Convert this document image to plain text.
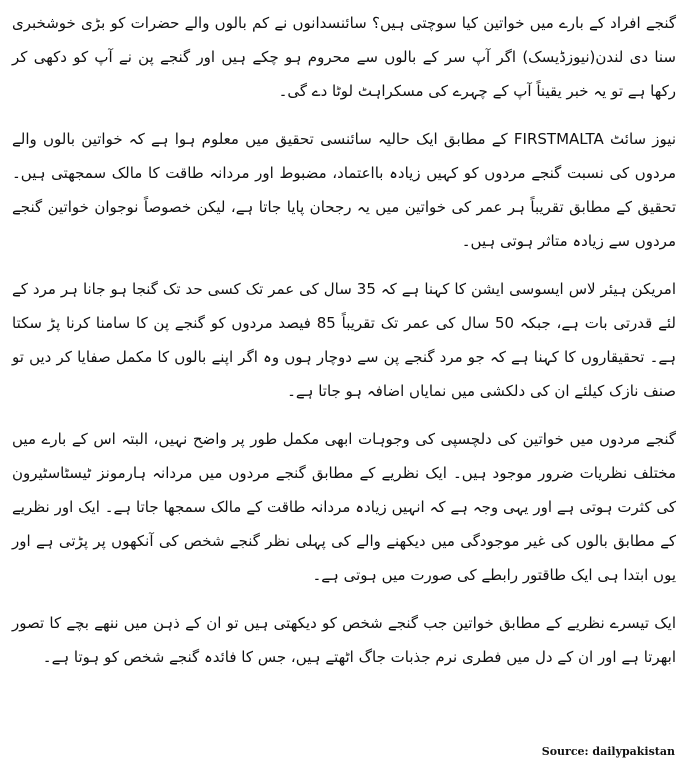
گنجے افراد کے بارے میں خواتین کیا سوچتی ہیں؟ سائنسدانوں نے کم بالوں والے حضرات کو بڑی خوشخبری سنا دی لندن(نیوزڈیسک) اگر آپ سر کے بالوں سے محروم ہو چکے ہیں اور گنجے پن نے آپ کو دکھی کر رکھا ہے تو یہ خبر یقیناً آپ کے چہرے کی مسکراہٹ لوٹا دے گی۔

نیوز سائٹ FIRSTMALTA کے مطابق ایک حالیہ سائنسی تحقیق میں معلوم ہوا ہے کہ خواتین بالوں والے مردوں کی نسبت گنجے مردوں کو کہیں زیادہ بااعتماد، مضبوط اور مردانہ طاقت کا مالک سمجھتی ہیں۔ تحقیق کے مطابق تقریباً ہر عمر کی خواتین میں یہ رجحان پایا جاتا ہے، لیکن خصوصاً نوجوان خواتین گنجے مردوں سے زیادہ متاثر ہوتی ہیں۔

امریکن ہیئر لاس ایسوسی ایشن کا کہنا ہے کہ 35 سال کی عمر تک کسی حد تک گنجا ہو جانا ہر مرد کے لئے قدرتی بات ہے، جبکہ 50 سال کی عمر تک تقریباً 85 فیصد مردوں کو گنجے پن کا سامنا کرنا پڑ سکتا ہے۔ تحقیقاروں کا کہنا ہے کہ جو مرد گنجے پن سے دوچار ہوں وہ اگر اپنے بالوں کا مکمل صفایا کر دیں تو صنف نازک کیلئے ان کی دلکشی میں نمایاں اضافہ ہو جاتا ہے۔

گنجے مردوں میں خواتین کی دلچسپی کی وجوہات ابھی مکمل طور پر واضح نہیں، البتہ اس کے بارے میں مختلف نظریات ضرور موجود ہیں۔ ایک نظریے کے مطابق گنجے مردوں میں مردانہ ہارمونز ٹیسٹاسٹیرون کی کثرت ہوتی ہے اور یہی وجہ ہے کہ انہیں زیادہ مردانہ طاقت کے مالک سمجھا جاتا ہے۔ ایک اور نظریے کے مطابق بالوں کی غیر موجودگی میں دیکھنے والے کی پہلی نظر گنجے شخص کی آنکھوں پر پڑتی ہے اور یوں ابتدا ہی ایک طاقتور رابطے کی صورت میں ہوتی ہے۔

ایک تیسرے نظریے کے مطابق خواتین جب گنجے شخص کو دیکھتی ہیں تو ان کے ذہن میں ننھے بچے کا تصور ابھرتا ہے اور ان کے دل میں فطری نرم جذبات جاگ اٹھتے ہیں، جس کا فائدہ گنجے شخص کو ہوتا ہے۔

Source: dailypakistan
